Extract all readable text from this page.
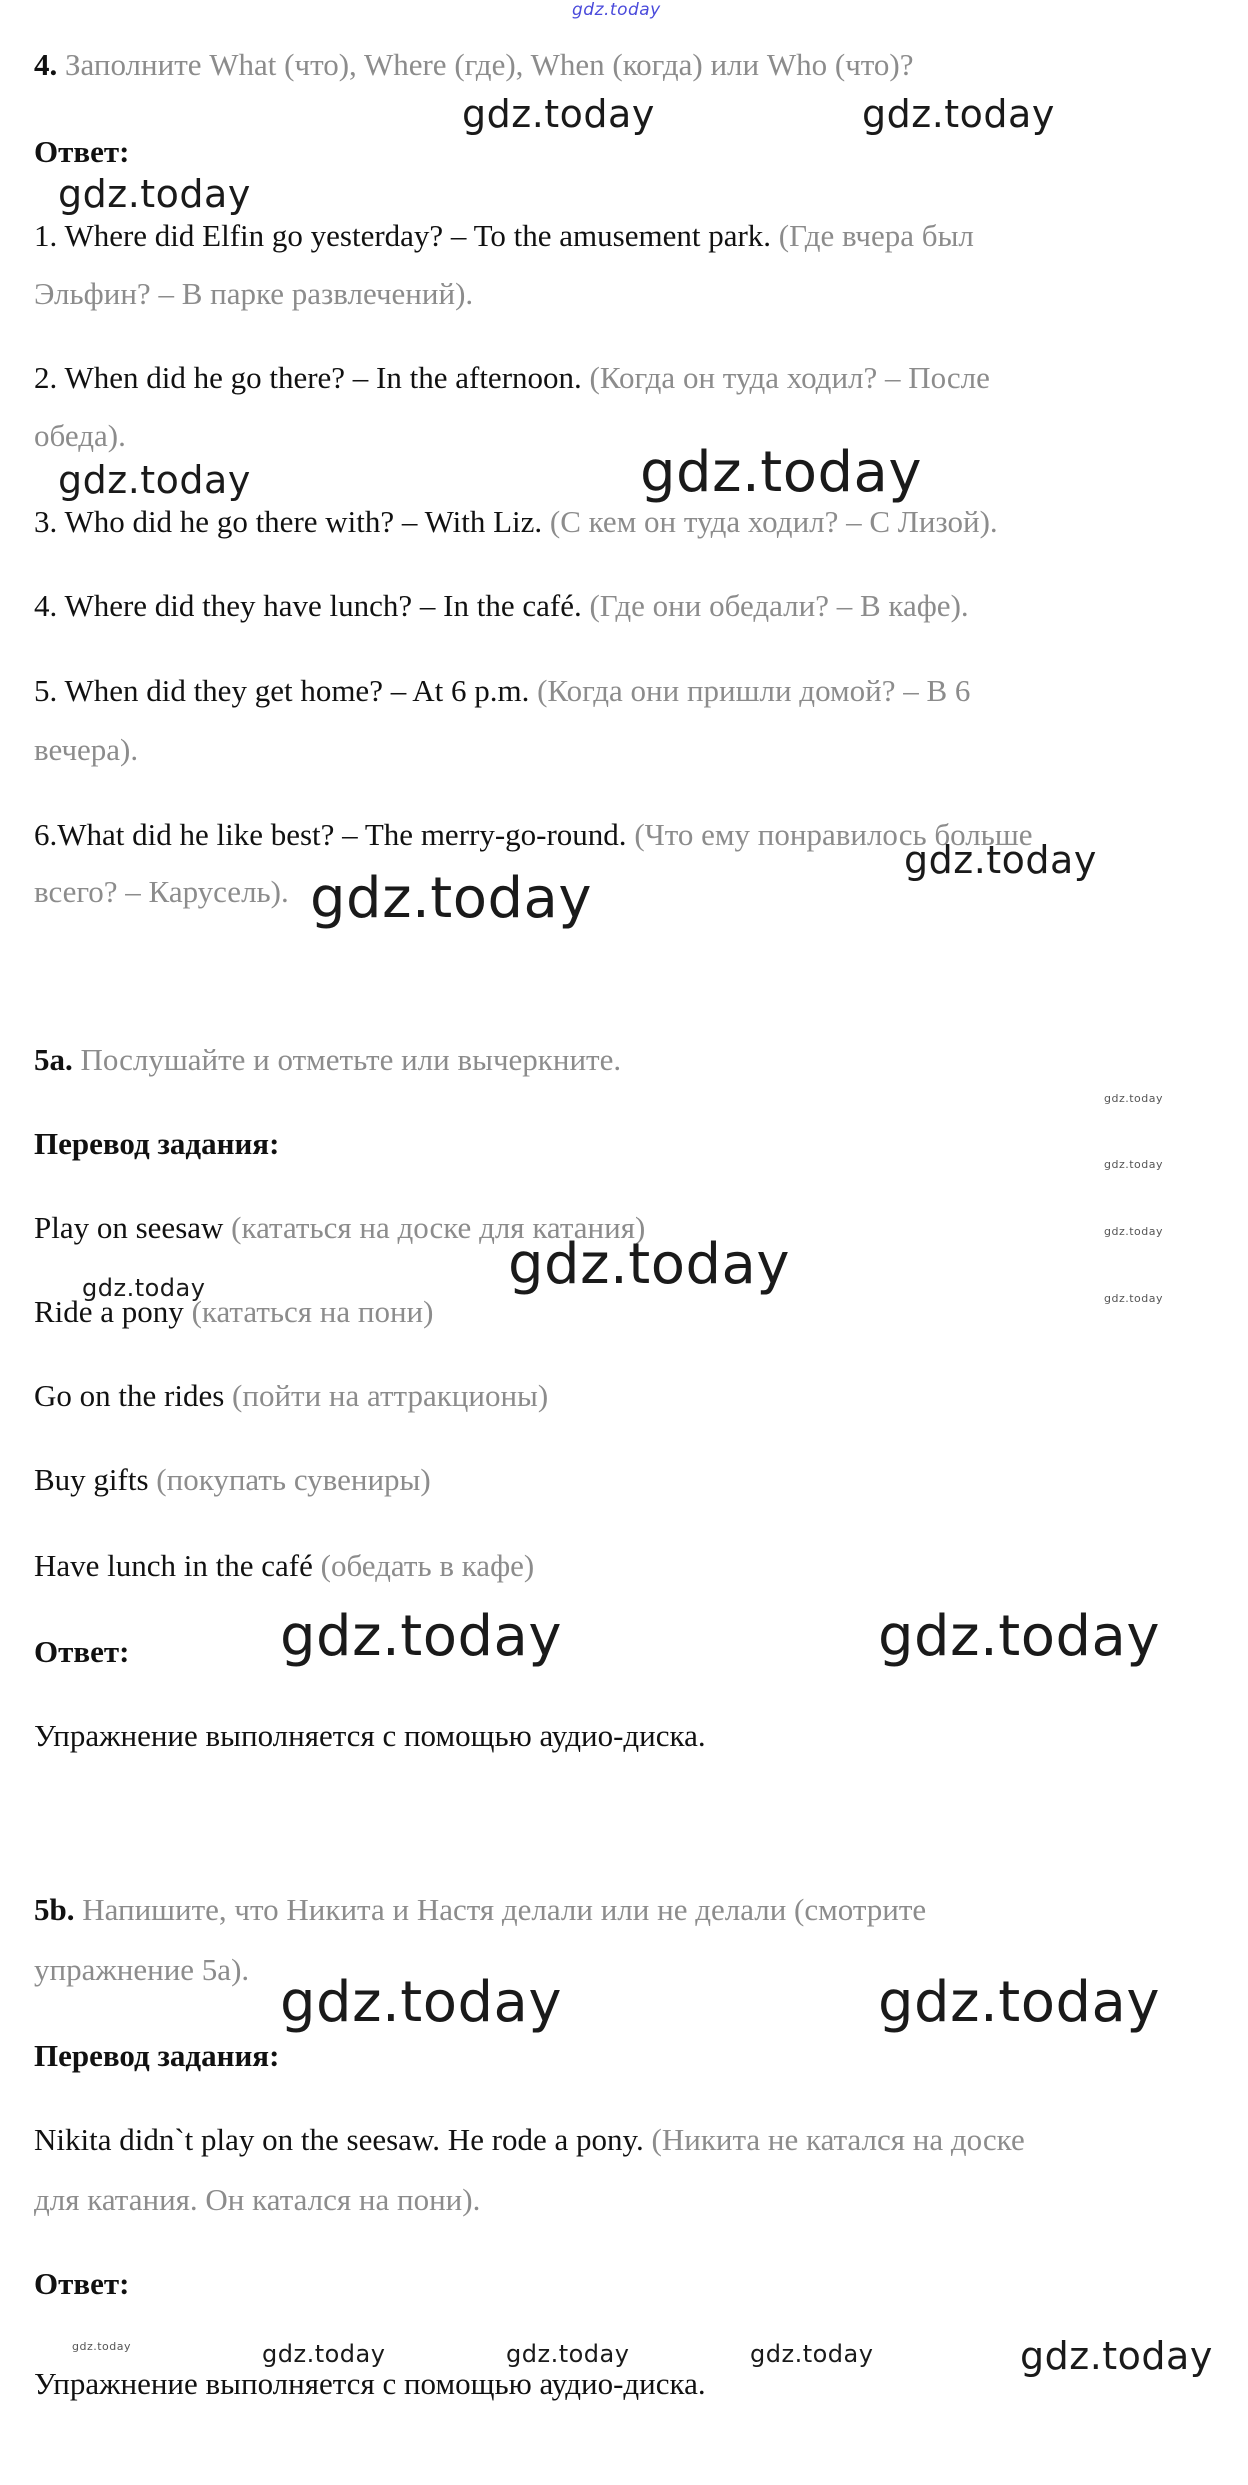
gdz.today

4. Заполните What (что), Where (где), When (когда) или Who (что)?

gdz.today	gdz.today

Ответ:

gdz.today

1. Where did Elfin go yesterday? – To the amusement park. (Где вчера был

Эльфин? – В парке развлечений).

2. When did he go there? – In the afternoon. (Когда он туда ходил? – После

обеда).

gdz.today	gdz.today

3. Who did he go there with? – With Liz. (С кем он туда ходил? – С Лизой).

4. Where did they have lunch? – In the café. (Где они обедали? – В кафе).

5. When did they get home? – At 6 p.m. (Когда они пришли домой? – В 6

вечера).

6.What did he like best? – The merry-go-round. (Что ему понравилось больше

gdz.today

всего? – Карусель). gdz.today

5a. Послушайте и отметьте или вычеркните.

gdz.today

Перевод задания:

gdz.today

Play on seesaw (кататься на доске для катания)	gdz.today
gdz.today
gdz.today	gdz.today

Ride a pony (кататься на пони)

Go on the rides (пойти на аттракционы)

Buy gifts (покупать сувениры)

Have lunch in the café (обедать в кафе)

gdz.today	gdz.today

Ответ:

Упражнение выполняется с помощью аудио-диска.

5b. Напишите, что Никита и Настя делали или не делали (смотрите

упражнение 5a).

gdz.today	gdz.today

Перевод задания:

Nikita didn`t play on the seesaw. He rode a pony. (Никита не катался на доске

для катания. Он катался на пони).

Ответ:

gdz.today	gdz.today	gdz.today	gdz.today	gdz.today

Упражнение выполняется с помощью аудио-диска.
